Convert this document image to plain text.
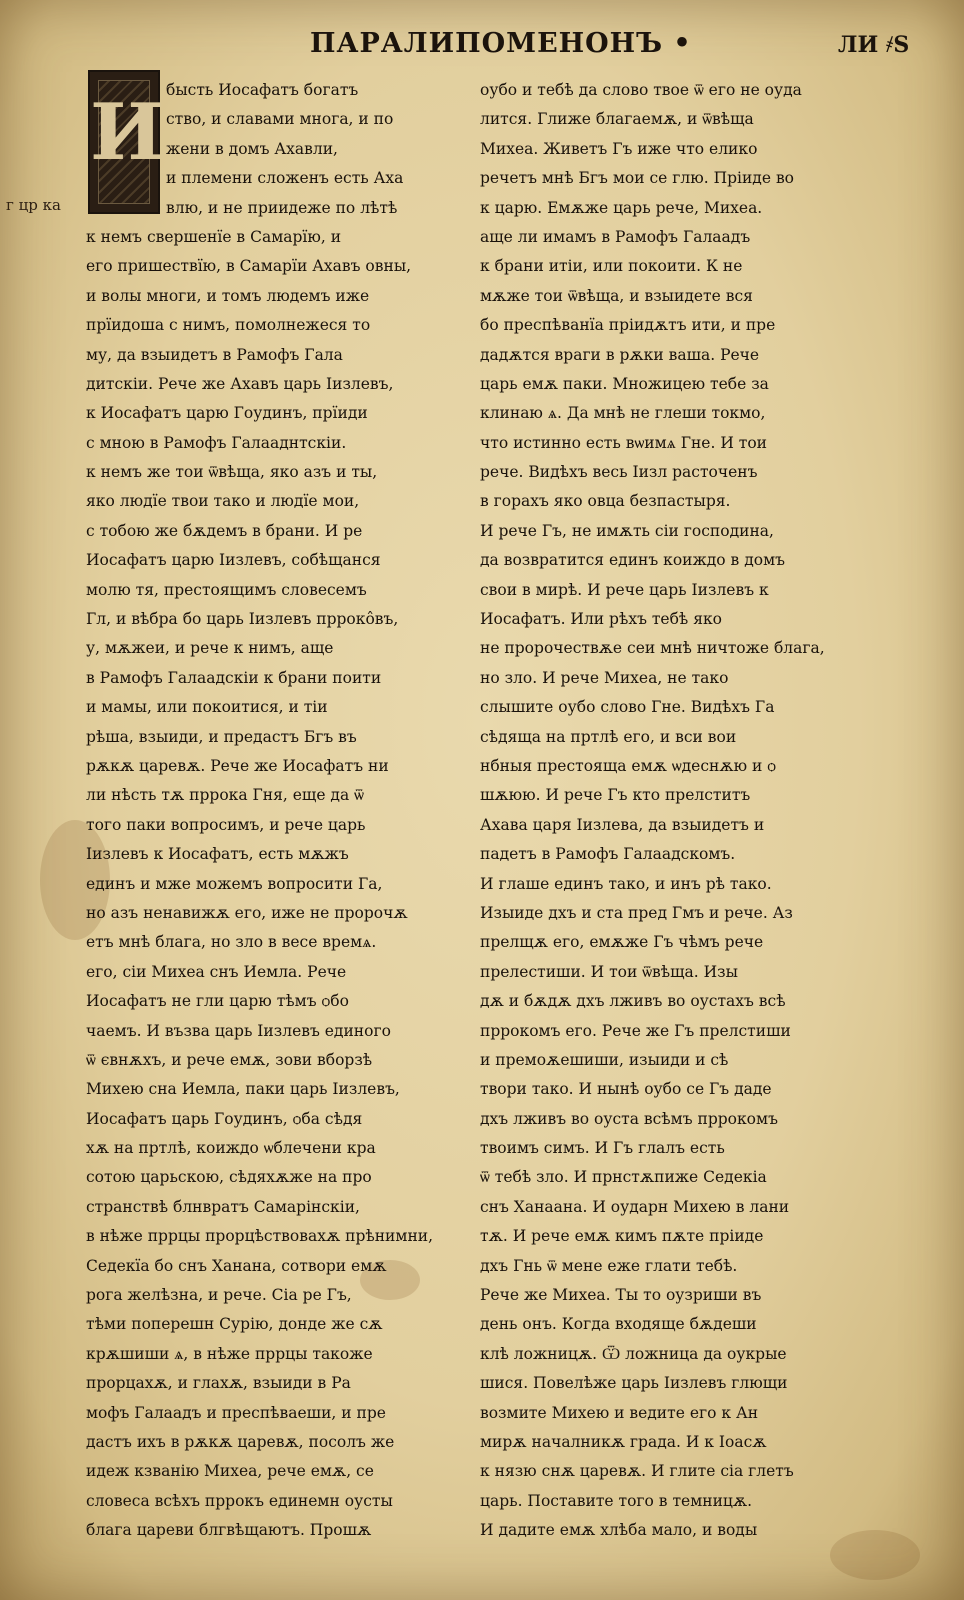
ПАРАЛИПОМЕНОНЪ •	ЛИ ҂S
г цр ка
И бысть Иосафатъ богатъ
ство, и славами многа, и по
жени в домъ Ахавли,
и племени сложенъ есть Аха
влю, и не приидеже по лѣтѣ
к немъ свершенїе в Самарїю, и
его пришествїю, в Самарїи Ахавъ овны,
и волы многи, и томъ людемъ иже
прїидоша с нимъ, помолнежеся то
му, да взыидетъ в Рамофъ Гала
дитскiи. Рече же Ахавъ царь Iизлевъ,
к Иосафатъ царю Гоудинъ, прїиди
с мною в Рамофъ Галааднтскiи.
к немъ же тои ѿвѣща, яко азъ и ты,
яко людїе твои тако и людїе мои,
с тобою же бѫдемъ в брани. И ре
Иосафатъ царю Iизлевъ, собѣщанся
молю тя, престоящимъ словесемъ
Гл, и вѣбра бо царь Iизлевъ пррокôвъ,
у, мѫжеи, и рече к нимъ, аще
в Рамофъ Галаадскiи к брани поити
и мамы, или покоитися, и тiи
рѣша, взыиди, и предастъ Бгъ въ
рѫкѫ царевѫ. Рече же Иосафатъ ни
ли нѣсть тѫ пррока Гня, еще да ѿ
того паки вопросимъ, и рече царь
Iизлевъ к Иосафатъ, есть мѫжъ
единъ и мже можемъ вопросити Га,
но азъ ненавижѫ его, иже не пророчѫ
етъ мнѣ блага, но зло в весе времѧ.
его, сiи Михеа снъ Иемла. Рече
Иосафатъ не гли царю тѣмъ ѻбо
чаемъ. И възва царь Iизлевъ единого
ѿ євнѫхъ, и рече емѫ, зови вборзѣ
Михею сна Иемла, паки царь Iизлевъ,
Иосафатъ царь Гоудинъ, ѻба сѣдя
хѫ на пртлѣ, коиждо ѡблечени кра
сотою царьскою, сѣдяхѫже на про
странствѣ блнвратъ Самарiнскiи,
в нѣже пррцы прорцѣствовахѫ прѣнимни,
Седекїа бо снъ Ханана, сотвори емѫ
рога желѣзна, и рече. Сiа ре Гъ,
тѣми поперешн Сурiю, донде же сѫ
крѫшиши ѧ, в нѣже пррцы такоже
прорцахѫ, и глахѫ, взыиди в Ра
мофъ Галаадъ и преспѣваеши, и пре
дастъ ихъ в рѫкѫ царевѫ, посолъ же
идеж кзванiю Михеа, рече емѫ, се
словеса всѣхъ пррокъ единемн оусты
блага цареви блгвѣщаютъ. Прошѫ
оубо и тебѣ да слово твое ѿ его не оуда
лится. Глиже благаемѫ, и ѿвѣща
Михеа. Живетъ Гъ иже что елико
речетъ мнѣ Бгъ мои се глю. Прiиде во
к царю. Емѫже царь рече, Михеа.
аще ли имамъ в Рамофъ Галаадъ
к брани итiи, или покоити. К не
мѫже тои ѿвѣща, и взыидете вся
бо преспѣванїа прiидѫтъ ити, и пре
дадѫтся враги в рѫки ваша. Рече
царь емѫ паки. Множицею тебе за
клинаю ѧ. Да мнѣ не глеши токмо,
что истинно есть вѡимѧ Гне. И тои
рече. Видѣхъ весь Iизл расточенъ
в горахъ яко овца безпастыря.
И рече Гъ, не имѫть сiи господина,
да возвратится единъ коиждо в домъ
свои в мирѣ. И рече царь Iизлевъ к
Иосафатъ. Или рѣхъ тебѣ яко
не пророчествѫе сеи мнѣ ничтоже блага,
но зло. И рече Михеа, не тако
слышите оубо слово Гне. Видѣхъ Га
сѣдяща на пртлѣ его, и вси вои
нбныя престояща емѫ ѡдеснѫю и ѻ
шѫюю. И рече Гъ кто прелститъ
Ахава царя Iизлева, да взыидетъ и
падетъ в Рамофъ Галаадскомъ.
И глаше единъ тако, и инъ рѣ тако.
Изыиде дхъ и ста пред Гмъ и рече. Аз
прелщѫ его, емѫже Гъ чѣмъ рече
прелестиши. И тои ѿвѣща. Изы
дѫ и бѫдѫ дхъ лживъ во оустахъ всѣ
пррокомъ его. Рече же Гъ прелстиши
и премоѫешиши, изыиди и сѣ
твори тако. И нынѣ оубо се Гъ даде
дхъ лживъ во оуста всѣмъ пррокомъ
твоимъ симъ. И Гъ глалъ есть
ѿ тебѣ зло. И прнстѫпиже Седекiа
снъ Ханаана. И оударн Михею в лани
тѫ. И рече емѫ кимъ пѫте прiиде
дхъ Гнь ѿ мене еже глати тебѣ.
Рече же Михеа. Ты то оузриши въ
день онъ. Когда входяще бѫдеши
клѣ ложницѫ. Ѿ ложница да оукрые
шися. Повелѣже царь Iизлевъ глющи
возмите Михею и ведите его к Ан
мирѫ началникѫ града. И к Ioасѫ
к нязю снѫ царевѫ. И глите сiа глетъ
царь. Поставите того в темницѫ.
И дадите емѫ хлѣба мало, и воды
